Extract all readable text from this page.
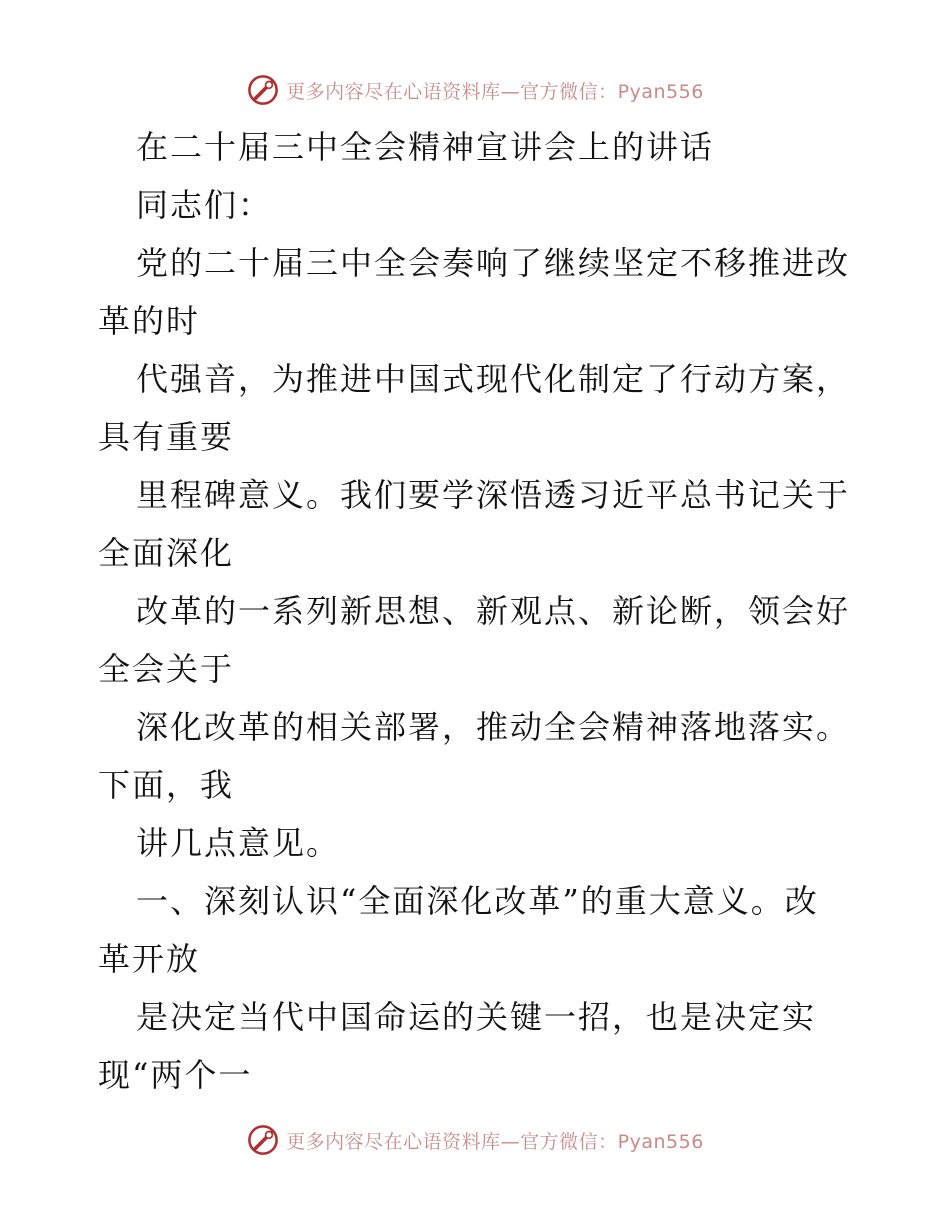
更多内容尽在心语资料库—官方微信：Pyan556
在二十届三中全会精神宣讲会上的讲话
同志们：
党的二十届三中全会奏响了继续坚定不移推进改
革的时
代强音，为推进中国式现代化制定了行动方案，
具有重要
里程碑意义。我们要学深悟透习近平总书记关于
全面深化
改革的一系列新思想、新观点、新论断，领会好
全会关于
深化改革的相关部署，推动全会精神落地落实。
下面，我
讲几点意见。
一、深刻认识“全面深化改革”的重大意义。改
革开放
是决定当代中国命运的关键一招，也是决定实
现“两个一
更多内容尽在心语资料库—官方微信：Pyan556
